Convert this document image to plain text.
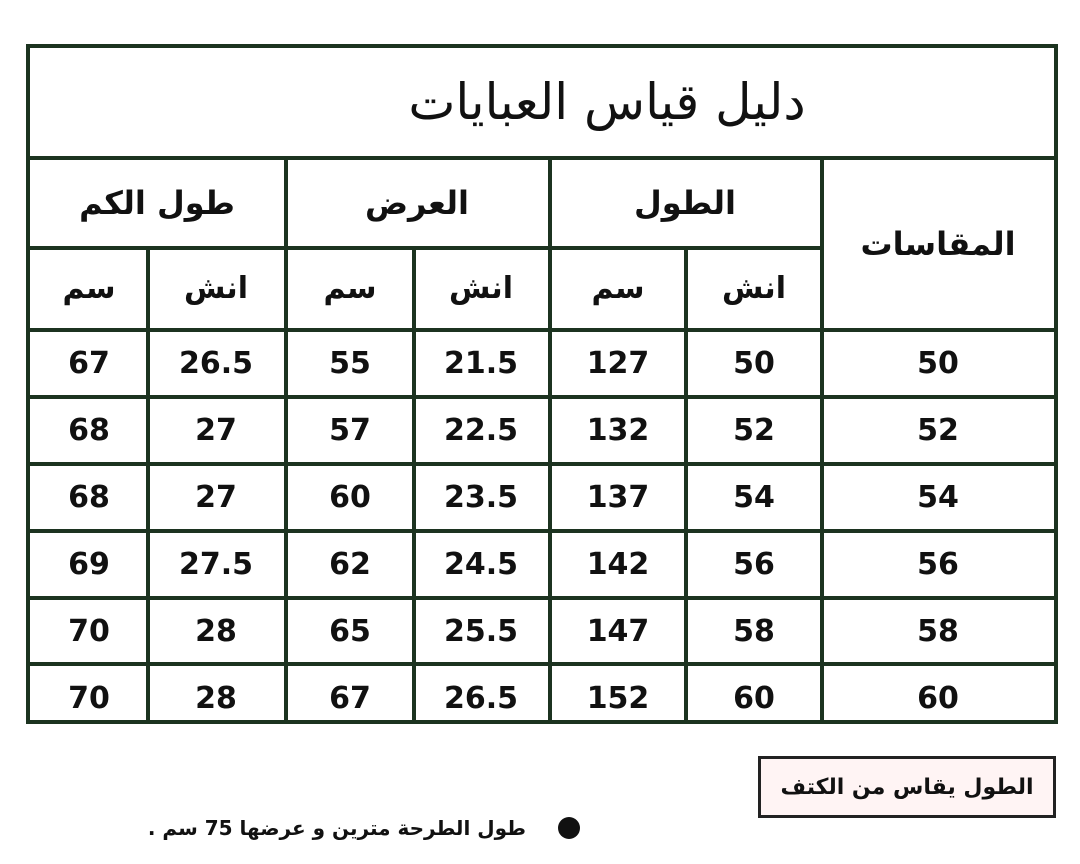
دليل قياس العبايات
المقاسات
الطول
العرض
طول الكم
انش
سم
انش
سم
انش
سم
50
50
127
21.5
55
26.5
67
52
52
132
22.5
57
27
68
54
54
137
23.5
60
27
68
56
56
142
24.5
62
27.5
69
58
58
147
25.5
65
28
70
60
60
152
26.5
67
28
70
الطول يقاس من الكتف
طول الطرحة مترين و عرضها 75 سم .
